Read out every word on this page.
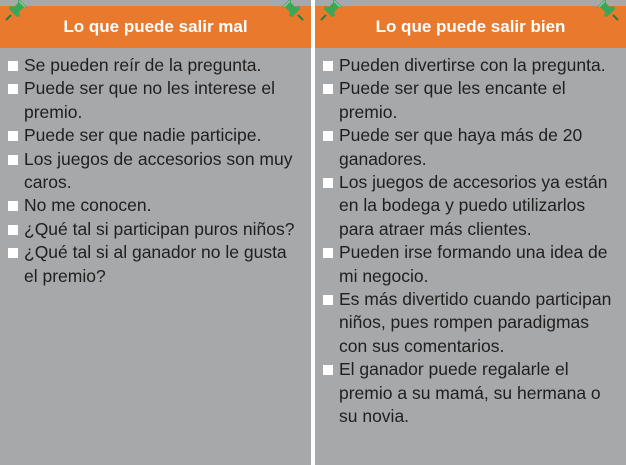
Lo que puede salir mal
Se pueden reír de la pregunta.
Puede ser que no les interese el premio.
Puede ser que nadie participe.
Los juegos de accesorios son muy caros.
No me conocen.
¿Qué tal si participan puros niños?
¿Qué tal si al ganador no le gusta el premio?
Lo que puede salir bien
Pueden divertirse con la pregunta.
Puede ser que les encante el premio.
Puede ser que haya más de 20 ganadores.
Los juegos de accesorios ya están en la bodega y puedo utilizarlos para atraer más clientes.
Pueden irse formando una idea de mi negocio.
Es más divertido cuando participan niños, pues rompen paradigmas con sus comentarios.
El ganador puede regalarle el premio a su mamá, su hermana o su novia.
